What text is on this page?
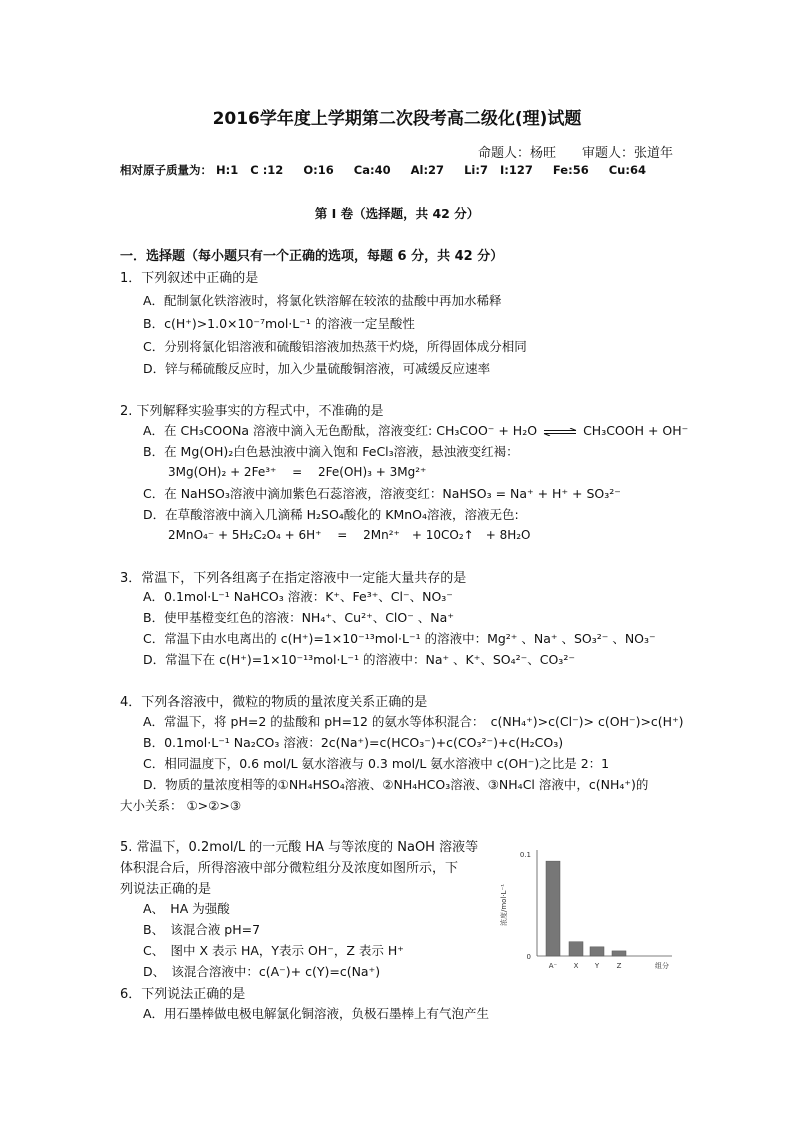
2016学年度上学期第二次段考高二级化(理)试题
命题人：杨旺　　审题人：张道年
相对原子质量为： H:1 C :12 O:16 Ca:40 Al:27 Li:7 I:127 Fe:56 Cu:64
第 I 卷（选择题，共 42 分）
一．选择题（每小题只有一个正确的选项，每题 6 分，共 42 分）
1．下列叙述中正确的是
A．配制氯化铁溶液时，将氯化铁溶解在较浓的盐酸中再加水稀释
B．c(H⁺)>1.0×10⁻⁷mol·L⁻¹ 的溶液一定呈酸性
C．分别将氯化铝溶液和硫酸铝溶液加热蒸干灼烧，所得固体成分相同
D．锌与稀硫酸反应时，加入少量硫酸铜溶液，可减缓反应速率
2. 下列解释实验事实的方程式中，不准确的是
A．在 CH₃COONa 溶液中滴入无色酚酞，溶液变红: CH₃COO⁻ + H₂O ⇌ CH₃COOH + OH⁻
B．在 Mg(OH)₂白色悬浊液中滴入饱和 FeCl₃溶液，悬浊液变红褐：
3Mg(OH)₂ + 2Fe³⁺　 =　 2Fe(OH)₃ + 3Mg²⁺
C．在 NaHSO₃溶液中滴加紫色石蕊溶液，溶液变红：NaHSO₃ = Na⁺ + H⁺ + SO₃²⁻
D．在草酸溶液中滴入几滴稀 H₂SO₄酸化的 KMnO₄溶液，溶液无色:
2MnO₄⁻ + 5H₂C₂O₄ + 6H⁺　 =　 2Mn²⁺　+ 10CO₂↑　+ 8H₂O
3．常温下，下列各组离子在指定溶液中一定能大量共存的是
A．0.1mol·L⁻¹ NaHCO₃ 溶液：K⁺、Fe³⁺、Cl⁻、NO₃⁻
B．使甲基橙变红色的溶液：NH₄⁺、Cu²⁺、ClO⁻ 、Na⁺
C．常温下由水电离出的 c(H⁺)=1×10⁻¹³mol·L⁻¹ 的溶液中：Mg²⁺ 、Na⁺ 、SO₃²⁻ 、NO₃⁻
D．常温下在 c(H⁺)=1×10⁻¹³mol·L⁻¹ 的溶液中：Na⁺ 、K⁺、SO₄²⁻、CO₃²⁻
4．下列各溶液中，微粒的物质的量浓度关系正确的是
A．常温下，将 pH=2 的盐酸和 pH=12 的氨水等体积混合：　c(NH₄⁺)>c(Cl⁻)> c(OH⁻)>c(H⁺)
B．0.1mol·L⁻¹ Na₂CO₃ 溶液：2c(Na⁺)=c(HCO₃⁻)+c(CO₃²⁻)+c(H₂CO₃)
C．相同温度下，0.6 mol/L 氨水溶液与 0.3 mol/L 氨水溶液中 c(OH⁻)之比是 2：1
D．物质的量浓度相等的①NH₄HSO₄溶液、②NH₄HCO₃溶液、③NH₄Cl 溶液中，c(NH₄⁺)的
大小关系： ①>②>③
5. 常温下，0.2mol/L 的一元酸 HA 与等浓度的 NaOH 溶液等
体积混合后，所得溶液中部分微粒组分及浓度如图所示，下
列说法正确的是
A、　HA 为强酸
B、　该混合液 pH=7
C、　图中 X 表示 HA，Y表示 OH⁻，Z 表示 H⁺
D、　该混合溶液中：c(A⁻)+ c(Y)=c(Na⁺)
0.1
0
浓度/mol·L⁻¹
A⁻ X Y Z	组分
6．下列说法正确的是
A．用石墨棒做电极电解氯化铜溶液，负极石墨棒上有气泡产生
